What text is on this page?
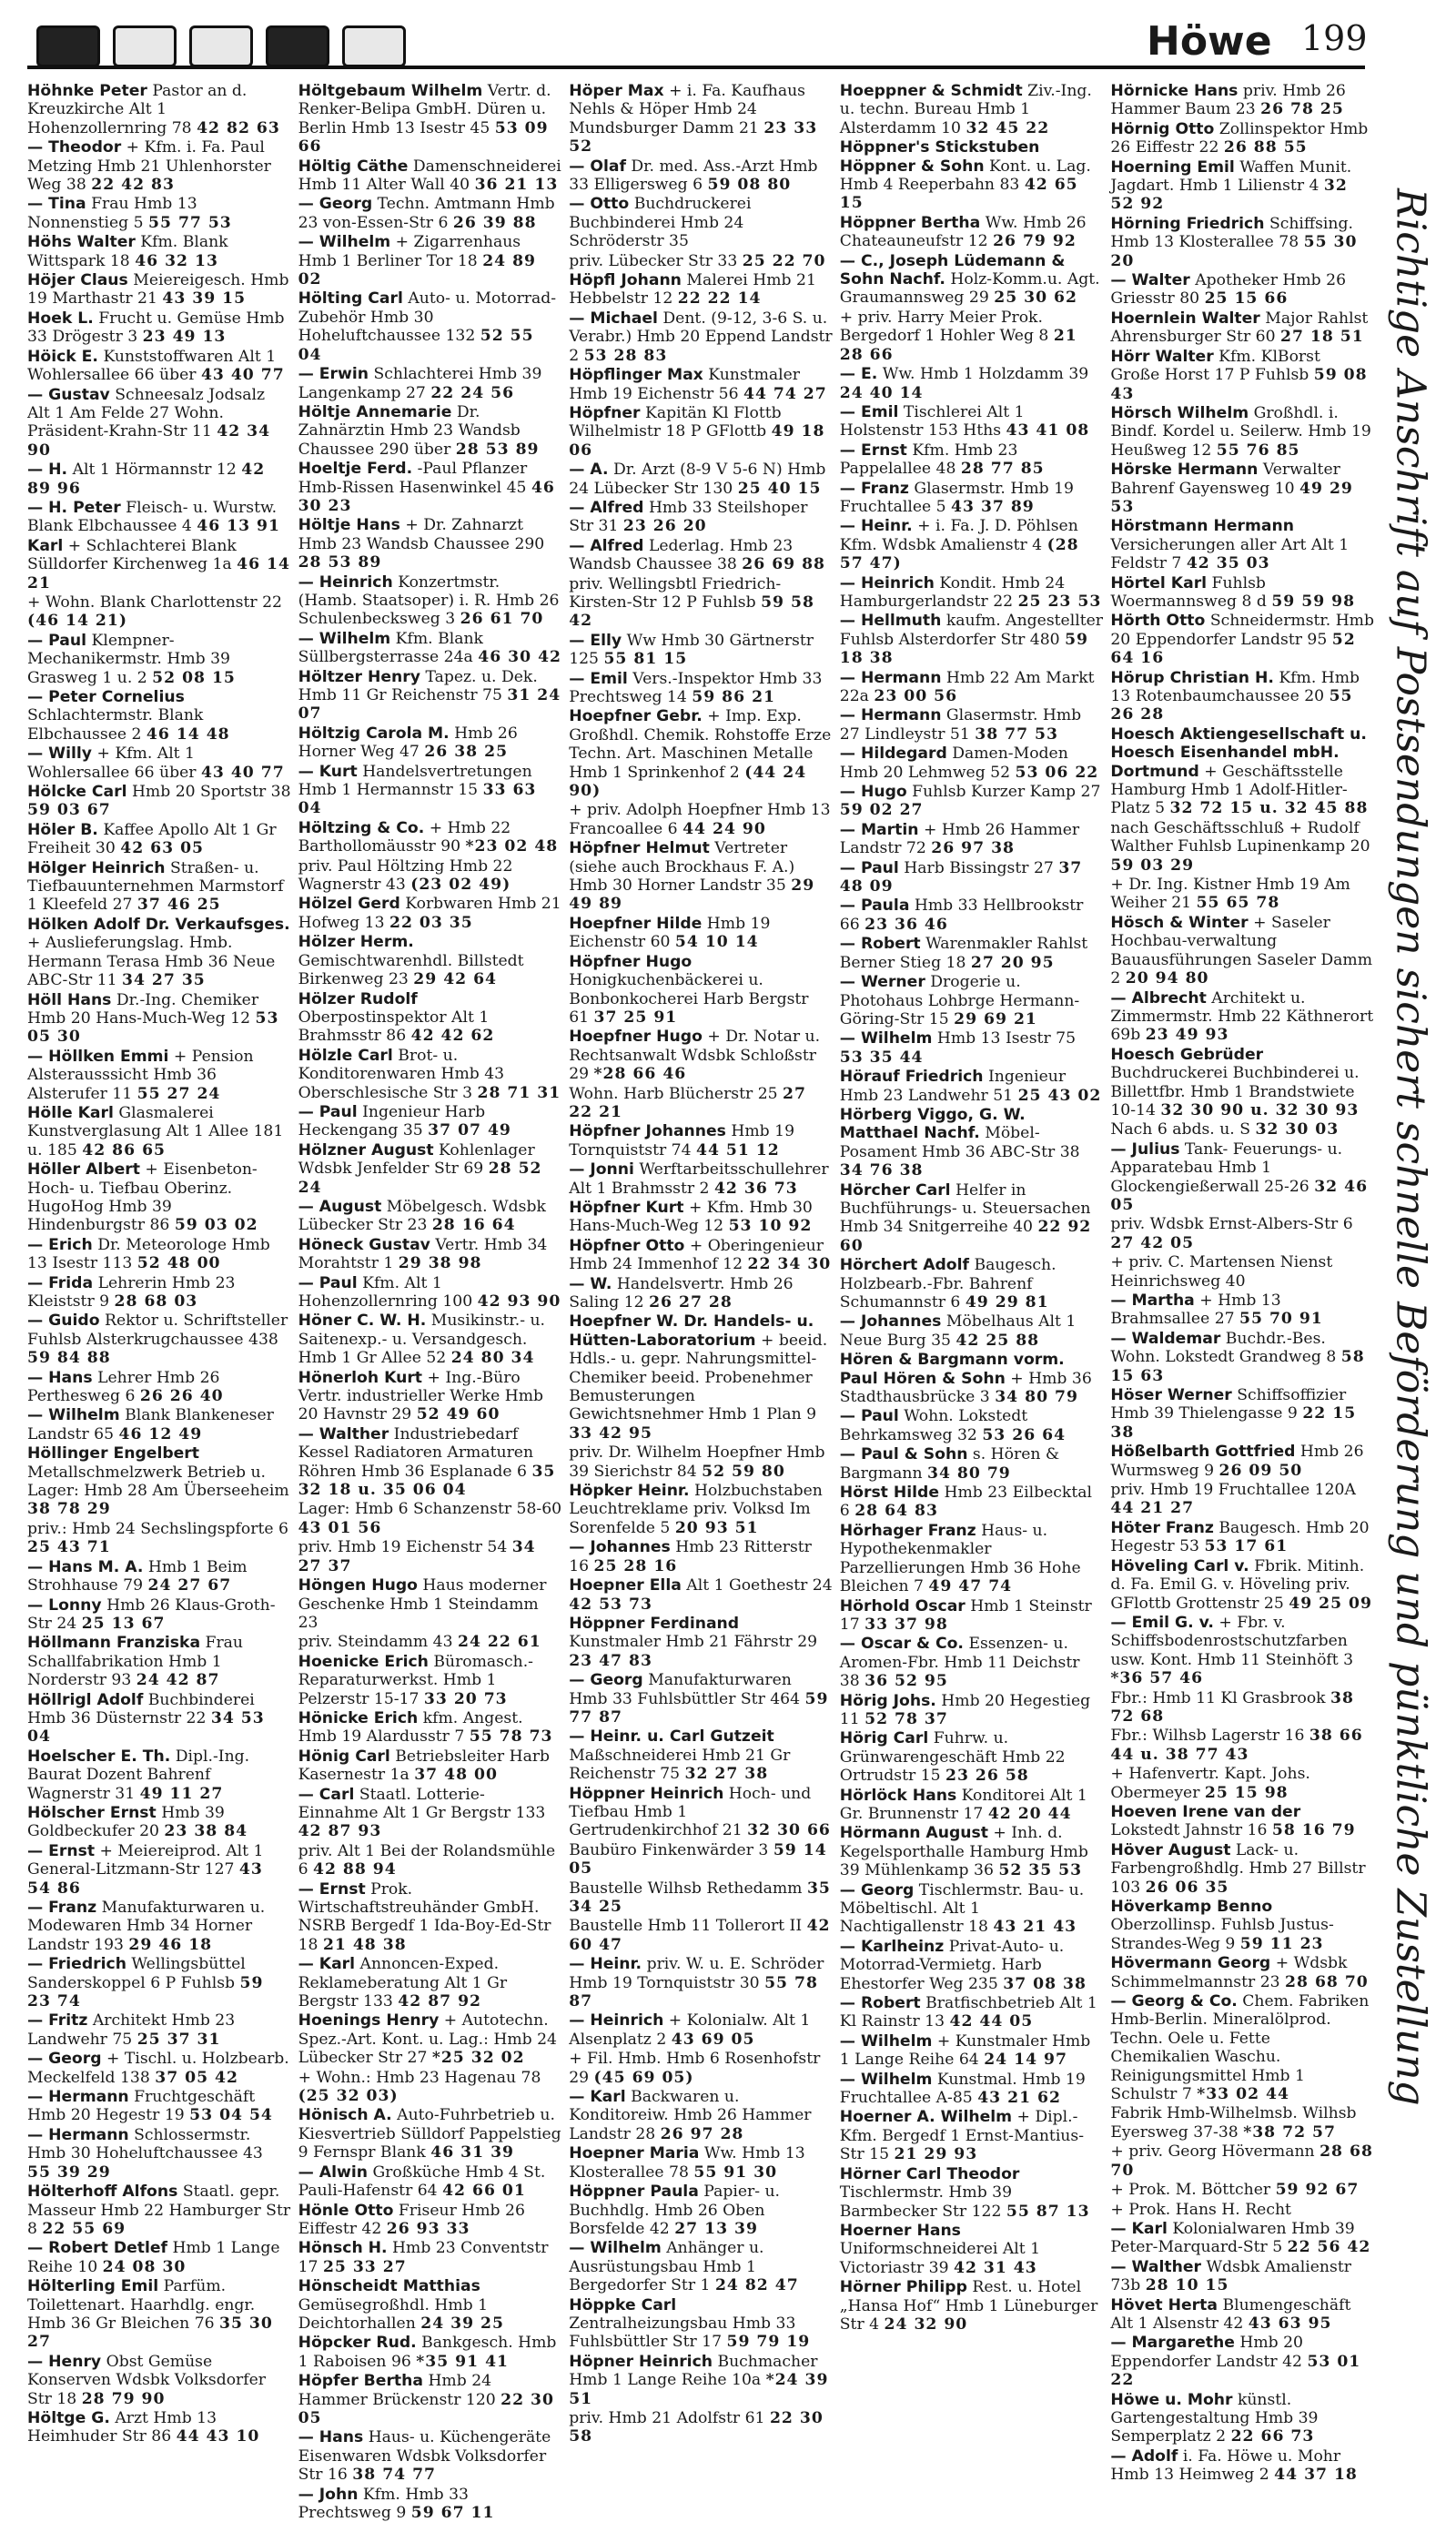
Höwe 199
Höhnke Peter Pastor an d. Kreuzkirche Alt 1 Hohenzollernring 78 42 82 63
— Theodor + Kfm. i. Fa. Paul Metzing Hmb 21 Uhlenhorster Weg 38 22 42 83
— Tina Frau Hmb 13 Nonnenstieg 5 55 77 53
Höhs Walter Kfm. Blank Wittspark 18 46 32 13
Höjer Claus Meiereigesch. Hmb 19 Marthastr 21 43 39 15
Hoek L. Frucht u. Gemüse Hmb 33 Drögestr 3 23 49 13
Höick E. Kunststoffwaren Alt 1 Wohlersallee 66 über 43 40 77
— Gustav Schneesalz Jodsalz Alt 1 Am Felde 27 Wohn. Präsident-Krahn-Str 11 42 34 90
— H. Alt 1 Hörmannstr 12 42 89 96
— H. Peter Fleisch- u. Wurstw. Blank Elbchaussee 4 46 13 91
Karl + Schlachterei Blank Sülldorfer Kirchenweg 1a 46 14 21
+ Wohn. Blank Charlottenstr 22 (46 14 21)
— Paul Klempner- Mechanikermstr. Hmb 39 Grasweg 1 u. 2 52 08 15
— Peter Cornelius Schlachtermstr. Blank Elbchaussee 2 46 14 48
— Willy + Kfm. Alt 1 Wohlersallee 66 über 43 40 77
Hölcke Carl Hmb 20 Sportstr 38 59 03 67
Höler B. Kaffee Apollo Alt 1 Gr Freiheit 30 42 63 05
Hölger Heinrich Straßen- u. Tiefbauunternehmen Marmstorf 1 Kleefeld 27 37 46 25
Hölken Adolf Dr. Verkaufsges. + Auslieferungslag. Hmb. Hermann Terasa Hmb 36 Neue ABC-Str 11 34 27 35
Höll Hans Dr.-Ing. Chemiker Hmb 20 Hans-Much-Weg 12 53 05 30
— Höllken Emmi + Pension Alsterausssicht Hmb 36 Alsterufer 11 55 27 24
Hölle Karl Glasmalerei Kunstverglasung Alt 1 Allee 181 u. 185 42 86 65
Höller Albert + Eisenbeton-Hoch- u. Tiefbau Oberinz. HugoHog Hmb 39 Hindenburgstr 86 59 03 02
— Erich Dr. Meteorologe Hmb 13 Isestr 113 52 48 00
— Frida Lehrerin Hmb 23 Kleiststr 9 28 68 03
— Guido Rektor u. Schriftsteller Fuhlsb Alsterkrugchaussee 438 59 84 88
— Hans Lehrer Hmb 26 Perthesweg 6 26 26 40
— Wilhelm Blank Blankeneser Landstr 65 46 12 49
Höllinger Engelbert Metallschmelzwerk Betrieb u. Lager: Hmb 28 Am Überseeheim 38 78 29
priv.: Hmb 24 Sechslingspforte 6 25 43 71
— Hans M. A. Hmb 1 Beim Strohhause 79 24 27 67
— Lonny Hmb 26 Klaus-Groth-Str 24 25 13 67
Höllmann Franziska Frau Schallfabrikation Hmb 1 Norderstr 93 24 42 87
Höllrigl Adolf Buchbinderei Hmb 36 Düsternstr 22 34 53 04
Hoelscher E. Th. Dipl.-Ing. Baurat Dozent Bahrenf Wagnerstr 31 49 11 27
Hölscher Ernst Hmb 39 Goldbeckufer 20 23 38 84
— Ernst + Meiereiprod. Alt 1 General-Litzmann-Str 127 43 54 86
— Franz Manufakturwaren u. Modewaren Hmb 34 Horner Landstr 193 29 46 18
— Friedrich Wellingsbüttel Sanderskoppel 6 P Fuhlsb 59 23 74
— Fritz Architekt Hmb 23 Landwehr 75 25 37 31
— Georg + Tischl. u. Holzbearb. Meckelfeld 138 37 05 42
— Hermann Fruchtgeschäft Hmb 20 Hegestr 19 53 04 54
— Hermann Schlossermstr. Hmb 30 Hoheluftchaussee 43 55 39 29
Hölterhoff Alfons Staatl. gepr. Masseur Hmb 22 Hamburger Str 8 22 55 69
— Robert Detlef Hmb 1 Lange Reihe 10 24 08 30
Hölterling Emil Parfüm. Toilettenart. Haarhdlg. engr. Hmb 36 Gr Bleichen 76 35 30 27
— Henry Obst Gemüse Konserven Wdsbk Volksdorfer Str 18 28 79 90
Höltge G. Arzt Hmb 13 Heimhuder Str 86 44 43 10
Höltgebaum Wilhelm Vertr. d. Renker-Belipa GmbH. Düren u. Berlin Hmb 13 Isestr 45 53 09 66
Höltig Cäthe Damenschneiderei Hmb 11 Alter Wall 40 36 21 13
— Georg Techn. Amtmann Hmb 23 von-Essen-Str 6 26 39 88
— Wilhelm + Zigarrenhaus Hmb 1 Berliner Tor 18 24 89 02
Hölting Carl Auto- u. Motorrad-Zubehör Hmb 30 Hoheluftchaussee 132 52 55 04
— Erwin Schlachterei Hmb 39 Langenkamp 27 22 24 56
Höltje Annemarie Dr. Zahnärztin Hmb 23 Wandsb Chaussee 290 über 28 53 89
Hoeltje Ferd. -Paul Pflanzer Hmb-Rissen Hasenwinkel 45 46 30 23
Höltje Hans + Dr. Zahnarzt Hmb 23 Wandsb Chaussee 290 28 53 89
— Heinrich Konzertmstr. (Hamb. Staatsoper) i. R. Hmb 26 Schulenbecksweg 3 26 61 70
— Wilhelm Kfm. Blank Süllbergsterrasse 24a 46 30 42
Höltzer Henry Tapez. u. Dek. Hmb 11 Gr Reichenstr 75 31 24 07
Höltzig Carola M. Hmb 26 Horner Weg 47 26 38 25
— Kurt Handelsvertretungen Hmb 1 Hermannstr 15 33 63 04
Höltzing & Co. + Hmb 22 Barthollomäusstr 90 *23 02 48
priv. Paul Höltzing Hmb 22 Wagnerstr 43 (23 02 49)
Hölzel Gerd Korbwaren Hmb 21 Hofweg 13 22 03 35
Hölzer Herm. Gemischtwarenhdl. Billstedt Birkenweg 23 29 42 64
Hölzer Rudolf Oberpostinspektor Alt 1 Brahmsstr 86 42 42 62
Hölzle Carl Brot- u. Konditorenwaren Hmb 43 Oberschlesische Str 3 28 71 31
— Paul Ingenieur Harb Heckengang 35 37 07 49
Hölzner August Kohlenlager Wdsbk Jenfelder Str 69 28 52 24
— August Möbelgesch. Wdsbk Lübecker Str 23 28 16 64
Höneck Gustav Vertr. Hmb 34 Morahtstr 1 29 38 98
— Paul Kfm. Alt 1 Hohenzollernring 100 42 93 90
Höner C. W. H. Musikinstr.- u. Saitenexp.- u. Versandgesch. Hmb 1 Gr Allee 52 24 80 34
Hönerloh Kurt + Ing.-Büro Vertr. industrieller Werke Hmb 20 Havnstr 29 52 49 60
— Walther Industriebedarf Kessel Radiatoren Armaturen Röhren Hmb 36 Esplanade 6 35 32 18 u. 35 06 04
Lager: Hmb 6 Schanzenstr 58-60 43 01 56
priv. Hmb 19 Eichenstr 54 34 27 37
Höngen Hugo Haus moderner Geschenke Hmb 1 Steindamm 23
priv. Steindamm 43 24 22 61
Hoenicke Erich Büromasch.-Reparaturwerkst. Hmb 1 Pelzerstr 15-17 33 20 73
Hönicke Erich kfm. Angest. Hmb 19 Alardusstr 7 55 78 73
Hönig Carl Betriebsleiter Harb Kasernestr 1a 37 48 00
— Carl Staatl. Lotterie-Einnahme Alt 1 Gr Bergstr 133 42 87 93
priv. Alt 1 Bei der Rolandsmühle 6 42 88 94
— Ernst Prok. Wirtschaftstreuhänder GmbH. NSRB Bergedf 1 Ida-Boy-Ed-Str 18 21 48 38
— Karl Annoncen-Exped. Reklameberatung Alt 1 Gr Bergstr 133 42 87 92
Hoenings Henry + Autotechn. Spez.-Art. Kont. u. Lag.: Hmb 24 Lübecker Str 27 *25 32 02
+ Wohn.: Hmb 23 Hagenau 78 (25 32 03)
Hönisch A. Auto-Fuhrbetrieb u. Kiesvertrieb Sülldorf Pappelstieg 9 Fernspr Blank 46 31 39
— Alwin Großküche Hmb 4 St. Pauli-Hafenstr 64 42 66 01
Hönle Otto Friseur Hmb 26 Eiffestr 42 26 93 33
Hönsch H. Hmb 23 Conventstr 17 25 33 27
Hönscheidt Matthias Gemüsegroßhdl. Hmb 1 Deichtorhallen 24 39 25
Höpcker Rud. Bankgesch. Hmb 1 Raboisen 96 *35 91 41
Höpfer Bertha Hmb 24 Hammer Brückenstr 120 22 30 05
— Hans Haus- u. Küchengeräte Eisenwaren Wdsbk Volksdorfer Str 16 38 74 77
— John Kfm. Hmb 33 Prechtsweg 9 59 67 11
Höper Max + i. Fa. Kaufhaus Nehls & Höper Hmb 24 Mundsburger Damm 21 23 33 52
— Olaf Dr. med. Ass.-Arzt Hmb 33 Elligersweg 6 59 08 80
— Otto Buchdruckerei Buchbinderei Hmb 24 Schröderstr 35
priv. Lübecker Str 33 25 22 70
Höpfl Johann Malerei Hmb 21 Hebbelstr 12 22 22 14
— Michael Dent. (9-12, 3-6 S. u. Verabr.) Hmb 20 Eppend Landstr 2 53 28 83
Höpflinger Max Kunstmaler Hmb 19 Eichenstr 56 44 74 27
Höpfner Kapitän Kl Flottb Wilhelmistr 18 P GFlottb 49 18 06
— A. Dr. Arzt (8-9 V 5-6 N) Hmb 24 Lübecker Str 130 25 40 15
— Alfred Hmb 33 Steilshoper Str 31 23 26 20
— Alfred Lederlag. Hmb 23 Wandsb Chaussee 38 26 69 88
priv. Wellingsbtl Friedrich-Kirsten-Str 12 P Fuhlsb 59 58 42
— Elly Ww Hmb 30 Gärtnerstr 125 55 81 15
— Emil Vers.-Inspektor Hmb 33 Prechtsweg 14 59 86 21
Hoepfner Gebr. + Imp. Exp. Großhdl. Chemik. Rohstoffe Erze Techn. Art. Maschinen Metalle Hmb 1 Sprinkenhof 2 (44 24 90)
+ priv. Adolph Hoepfner Hmb 13 Francoallee 6 44 24 90
Höpfner Helmut Vertreter (siehe auch Brockhaus F. A.) Hmb 30 Horner Landstr 35 29 49 89
Hoepfner Hilde Hmb 19 Eichenstr 60 54 10 14
Höpfner Hugo Honigkuchenbäckerei u. Bonbonkocherei Harb Bergstr 61 37 25 91
Hoepfner Hugo + Dr. Notar u. Rechtsanwalt Wdsbk Schloßstr 29 *28 66 46
Wohn. Harb Blücherstr 25 27 22 21
Höpfner Johannes Hmb 19 Tornquiststr 74 44 51 12
— Jonni Werftarbeitsschullehrer Alt 1 Brahmsstr 2 42 36 73
Höpfner Kurt + Kfm. Hmb 30 Hans-Much-Weg 12 53 10 92
Höpfner Otto + Oberingenieur Hmb 24 Immenhof 12 22 34 30
— W. Handelsvertr. Hmb 26 Saling 12 26 27 28
Hoepfner W. Dr. Handels- u. Hütten-Laboratorium + beeid. Hdls.- u. gepr. Nahrungsmittel-Chemiker beeid. Probenehmer Bemusterungen Gewichtsnehmer Hmb 1 Plan 9 33 42 95
priv. Dr. Wilhelm Hoepfner Hmb 39 Sierichstr 84 52 59 80
Höpker Heinr. Holzbuchstaben Leuchtreklame priv. Volksd Im Sorenfelde 5 20 93 51
— Johannes Hmb 23 Ritterstr 16 25 28 16
Hoepner Ella Alt 1 Goethestr 24 42 53 73
Höppner Ferdinand Kunstmaler Hmb 21 Fährstr 29 23 47 83
— Georg Manufakturwaren Hmb 33 Fuhlsbüttler Str 464 59 77 87
— Heinr. u. Carl Gutzeit Maßschneiderei Hmb 21 Gr Reichenstr 75 32 27 38
Höppner Heinrich Hoch- und Tiefbau Hmb 1 Gertrudenkirchhof 21 32 30 66
Baubüro Finkenwärder 3 59 14 05
Baustelle Wilhsb Rethedamm 35 34 25
Baustelle Hmb 11 Tollerort II 42 60 47
— Heinr. priv. W. u. E. Schröder Hmb 19 Tornquiststr 30 55 78 87
— Heinrich + Kolonialw. Alt 1 Alsenplatz 2 43 69 05
+ Fil. Hmb. Hmb 6 Rosenhofstr 29 (45 69 05)
— Karl Backwaren u. Konditoreiw. Hmb 26 Hammer Landstr 28 26 97 28
Hoepner Maria Ww. Hmb 13 Klosterallee 78 55 91 30
Höppner Paula Papier- u. Buchhdlg. Hmb 26 Oben Borsfelde 42 27 13 39
— Wilhelm Anhänger u. Ausrüstungsbau Hmb 1 Bergedorfer Str 1 24 82 47
Höppke Carl Zentralheizungsbau Hmb 33 Fuhlsbüttler Str 17 59 79 19
Höpner Heinrich Buchmacher Hmb 1 Lange Reihe 10a *24 39 51
priv. Hmb 21 Adolfstr 61 22 30 58
Hoeppner & Schmidt Ziv.-Ing. u. techn. Bureau Hmb 1 Alsterdamm 10 32 45 22
Höppner's Stickstuben Höppner & Sohn Kont. u. Lag. Hmb 4 Reeperbahn 83 42 65 15
Höppner Bertha Ww. Hmb 26 Chateauneufstr 12 26 79 92
— C., Joseph Lüdemann & Sohn Nachf. Holz-Komm.u. Agt. Graumannsweg 29 25 30 62
+ priv. Harry Meier Prok. Bergedorf 1 Hohler Weg 8 21 28 66
— E. Ww. Hmb 1 Holzdamm 39 24 40 14
— Emil Tischlerei Alt 1 Holstenstr 153 Hths 43 41 08
— Ernst Kfm. Hmb 23 Pappelallee 48 28 77 85
— Franz Glasermstr. Hmb 19 Fruchtallee 5 43 37 89
— Heinr. + i. Fa. J. D. Pöhlsen Kfm. Wdsbk Amalienstr 4 (28 57 47)
— Heinrich Kondit. Hmb 24 Hamburgerlandstr 22 25 23 53
— Hellmuth kaufm. Angestellter Fuhlsb Alsterdorfer Str 480 59 18 38
— Hermann Hmb 22 Am Markt 22a 23 00 56
— Hermann Glasermstr. Hmb 27 Lindleystr 51 38 77 53
— Hildegard Damen-Moden Hmb 20 Lehmweg 52 53 06 22
— Hugo Fuhlsb Kurzer Kamp 27 59 02 27
— Martin + Hmb 26 Hammer Landstr 72 26 97 38
— Paul Harb Bissingstr 27 37 48 09
— Paula Hmb 33 Hellbrookstr 66 23 36 46
— Robert Warenmakler Rahlst Berner Stieg 18 27 20 95
— Werner Drogerie u. Photohaus Lohbrge Hermann-Göring-Str 15 29 69 21
— Wilhelm Hmb 13 Isestr 75 53 35 44
Hörauf Friedrich Ingenieur Hmb 23 Landwehr 51 25 43 02
Hörberg Viggo, G. W. Matthael Nachf. Möbel-Posament Hmb 36 ABC-Str 38 34 76 38
Hörcher Carl Helfer in Buchführungs- u. Steuersachen Hmb 34 Snitgerreihe 40 22 92 60
Hörchert Adolf Baugesch. Holzbearb.-Fbr. Bahrenf Schumannstr 6 49 29 81
— Johannes Möbelhaus Alt 1 Neue Burg 35 42 25 88
Hören & Bargmann vorm. Paul Hören & Sohn + Hmb 36 Stadthausbrücke 3 34 80 79
— Paul Wohn. Lokstedt Behrkamsweg 32 53 26 64
— Paul & Sohn s. Hören & Bargmann 34 80 79
Hörst Hilde Hmb 23 Eilbecktal 6 28 64 83
Hörhager Franz Haus- u. Hypothekenmakler Parzellierungen Hmb 36 Hohe Bleichen 7 49 47 74
Hörhold Oscar Hmb 1 Steinstr 17 33 37 98
— Oscar & Co. Essenzen- u. Aromen-Fbr. Hmb 11 Deichstr 38 36 52 95
Hörig Johs. Hmb 20 Hegestieg 11 52 78 37
Hörig Carl Fuhrw. u. Grünwarengeschäft Hmb 22 Ortrudstr 15 23 26 58
Hörlöck Hans Konditorei Alt 1 Gr. Brunnenstr 17 42 20 44
Hörmann August + Inh. d. Kegelsporthalle Hamburg Hmb 39 Mühlenkamp 36 52 35 53
— Georg Tischlermstr. Bau- u. Möbeltischl. Alt 1 Nachtigallenstr 18 43 21 43
— Karlheinz Privat-Auto- u. Motorrad-Vermietg. Harb Ehestorfer Weg 235 37 08 38
— Robert Bratfischbetrieb Alt 1 Kl Rainstr 13 42 44 05
— Wilhelm + Kunstmaler Hmb 1 Lange Reihe 64 24 14 97
— Wilhelm Kunstmal. Hmb 19 Fruchtallee A-85 43 21 62
Hoerner A. Wilhelm + Dipl.-Kfm. Bergedf 1 Ernst-Mantius-Str 15 21 29 93
Hörner Carl Theodor Tischlermstr. Hmb 39 Barmbecker Str 122 55 87 13
Hoerner Hans Uniformschneiderei Alt 1 Victoriastr 39 42 31 43
Hörner Philipp Rest. u. Hotel „Hansa Hof“ Hmb 1 Lüneburger Str 4 24 32 90
Hörnicke Hans priv. Hmb 26 Hammer Baum 23 26 78 25
Hörnig Otto Zollinspektor Hmb 26 Eiffestr 22 26 88 55
Hoerning Emil Waffen Munit. Jagdart. Hmb 1 Lilienstr 4 32 52 92
Hörning Friedrich Schiffsing. Hmb 13 Klosterallee 78 55 30 20
— Walter Apotheker Hmb 26 Griesstr 80 25 15 66
Hoernlein Walter Major Rahlst Ahrensburger Str 60 27 18 51
Hörr Walter Kfm. KlBorst Große Horst 17 P Fuhlsb 59 08 43
Hörsch Wilhelm Großhdl. i. Bindf. Kordel u. Seilerw. Hmb 19 Heußweg 12 55 76 85
Hörske Hermann Verwalter Bahrenf Gayensweg 10 49 29 53
Hörstmann Hermann Versicherungen aller Art Alt 1 Feldstr 7 42 35 03
Hörtel Karl Fuhlsb Woermannsweg 8 d 59 59 98
Hörth Otto Schneidermstr. Hmb 20 Eppendorfer Landstr 95 52 64 16
Hörup Christian H. Kfm. Hmb 13 Rotenbaumchaussee 20 55 26 28
Hoesch Aktiengesellschaft u. Hoesch Eisenhandel mbH. Dortmund + Geschäftsstelle Hamburg Hmb 1 Adolf-Hitler-Platz 5 32 72 15 u. 32 45 88
nach Geschäftsschluß + Rudolf Walther Fuhlsb Lupinenkamp 20 59 03 29
+ Dr. Ing. Kistner Hmb 19 Am Weiher 21 55 65 78
Hösch & Winter + Saseler Hochbau-verwaltung Bauausführungen Saseler Damm 2 20 94 80
— Albrecht Architekt u. Zimmermstr. Hmb 22 Käthnerort 69b 23 49 93
Hoesch Gebrüder Buchdruckerei Buchbinderei u. Billettfbr. Hmb 1 Brandstwiete 10-14 32 30 90 u. 32 30 93
Nach 6 abds. u. S 32 30 03
— Julius Tank- Feuerungs- u. Apparatebau Hmb 1 Glockengießerwall 25-26 32 46 05
priv. Wdsbk Ernst-Albers-Str 6 27 42 05
+ priv. C. Martensen Nienst Heinrichsweg 40
— Martha + Hmb 13 Brahmsallee 27 55 70 91
— Waldemar Buchdr.-Bes. Wohn. Lokstedt Grandweg 8 58 15 63
Höser Werner Schiffsoffizier Hmb 39 Thielengasse 9 22 15 38
Hößelbarth Gottfried Hmb 26 Wurmsweg 9 26 09 50
priv. Hmb 19 Fruchtallee 120A 44 21 27
Höter Franz Baugesch. Hmb 20 Hegestr 53 53 17 61
Höveling Carl v. Fbrik. Mitinh. d. Fa. Emil G. v. Höveling priv. GFlottb Grottenstr 25 49 25 09
— Emil G. v. + Fbr. v. Schiffsbodenrostschutzfarben usw. Kont. Hmb 11 Steinhöft 3 *36 57 46
Fbr.: Hmb 11 Kl Grasbrook 38 72 68
Fbr.: Wilhsb Lagerstr 16 38 66 44 u. 38 77 43
+ Hafenvertr. Kapt. Johs. Obermeyer 25 15 98
Hoeven Irene van der Lokstedt Jahnstr 16 58 16 79
Höver August Lack- u. Farbengroßhdlg. Hmb 27 Billstr 103 26 06 35
Höverkamp Benno Oberzollinsp. Fuhlsb Justus-Strandes-Weg 9 59 11 23
Hövermann Georg + Wdsbk Schimmelmannstr 23 28 68 70
— Georg & Co. Chem. Fabriken Hmb-Berlin. Mineralölprod. Techn. Oele u. Fette Chemikalien Waschu. Reinigungsmittel Hmb 1 Schulstr 7 *33 02 44
Fabrik Hmb-Wilhelmsb. Wilhsb Eyersweg 37-38 *38 72 57
+ priv. Georg Hövermann 28 68 70
+ Prok. M. Böttcher 59 92 67
+ Prok. Hans H. Recht
— Karl Kolonialwaren Hmb 39 Peter-Marquard-Str 5 22 56 42
— Walther Wdsbk Amalienstr 73b 28 10 15
Hövet Herta Blumengeschäft Alt 1 Alsenstr 42 43 63 95
— Margarethe Hmb 20 Eppendorfer Landstr 42 53 01 22
Höwe u. Mohr künstl. Gartengestaltung Hmb 39 Semperplatz 2 22 66 73
— Adolf i. Fa. Höwe u. Mohr Hmb 13 Heimweg 2 44 37 18
Richtige Anschrift auf Postsendungen sichert schnelle Beförderung und pünktliche Zustellung
